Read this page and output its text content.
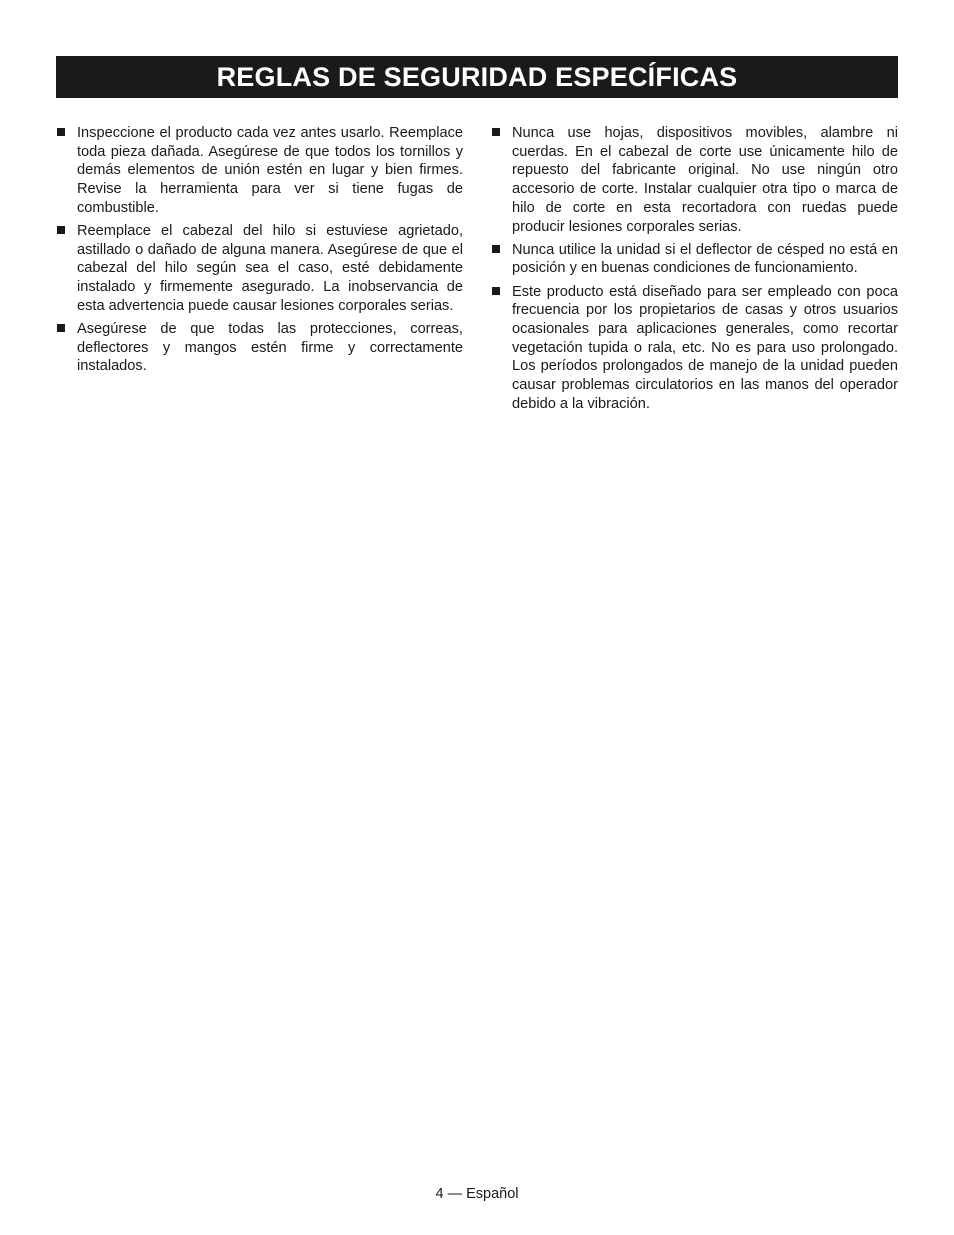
REGLAS DE SEGURIDAD ESPECÍFICAS
Inspeccione el producto cada vez antes usarlo. Reemplace toda pieza dañada. Asegúrese de que todos los tornillos y demás elementos de unión estén en lugar y bien firmes. Revise la herramienta para ver si tiene fugas de combustible.
Reemplace el cabezal del hilo si estuviese agrietado, astillado o dañado de alguna manera. Asegúrese de que el cabezal del hilo según sea el caso, esté debidamente instalado y firmemente asegurado. La inobservancia de esta advertencia puede causar lesiones corporales serias.
Asegúrese de que todas las protecciones, correas, deflectores y mangos estén firme y correctamente instalados.
Nunca use hojas, dispositivos movibles, alambre ni cuerdas. En el cabezal de corte use únicamente hilo de repuesto del fabricante original. No use ningún otro accesorio de corte. Instalar cualquier otra tipo o marca de hilo de corte en esta recortadora con ruedas puede producir lesiones corporales serias.
Nunca utilice la unidad si el deflector de césped no está en posición y en buenas condiciones de funcionamiento.
Este producto está diseñado para ser empleado con poca frecuencia por los propietarios de casas y otros usuarios ocasionales para aplicaciones generales, como recortar vegetación tupida o rala, etc. No es para uso prolongado. Los períodos prolongados de manejo de la unidad pueden causar problemas circulatorios en las manos del operador debido a la vibración.
4 — Español
